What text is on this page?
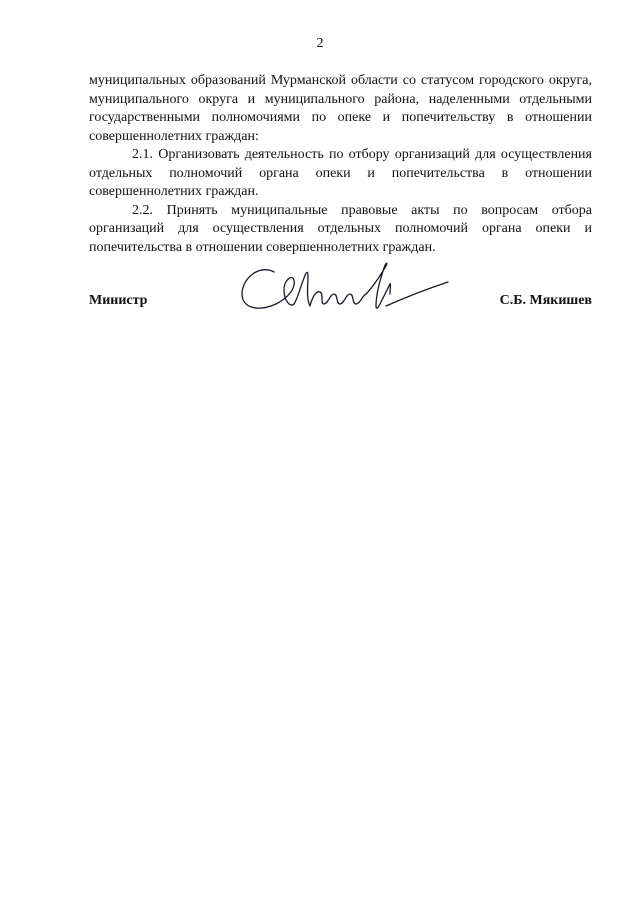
2

муниципальных образований Мурманской области со статусом городского округа, муниципального округа и муниципального района, наделенными отдельными государственными полномочиями по опеке и попечительству в отношении совершеннолетних граждан:

2.1. Организовать деятельность по отбору организаций для осуществления отдельных полномочий органа опеки и попечительства в отношении совершеннолетних граждан.

2.2. Принять муниципальные правовые акты по вопросам отбора организаций для осуществления отдельных полномочий органа опеки и попечительства в отношении совершеннолетних граждан.

Министр	С.Б. Мякишев
